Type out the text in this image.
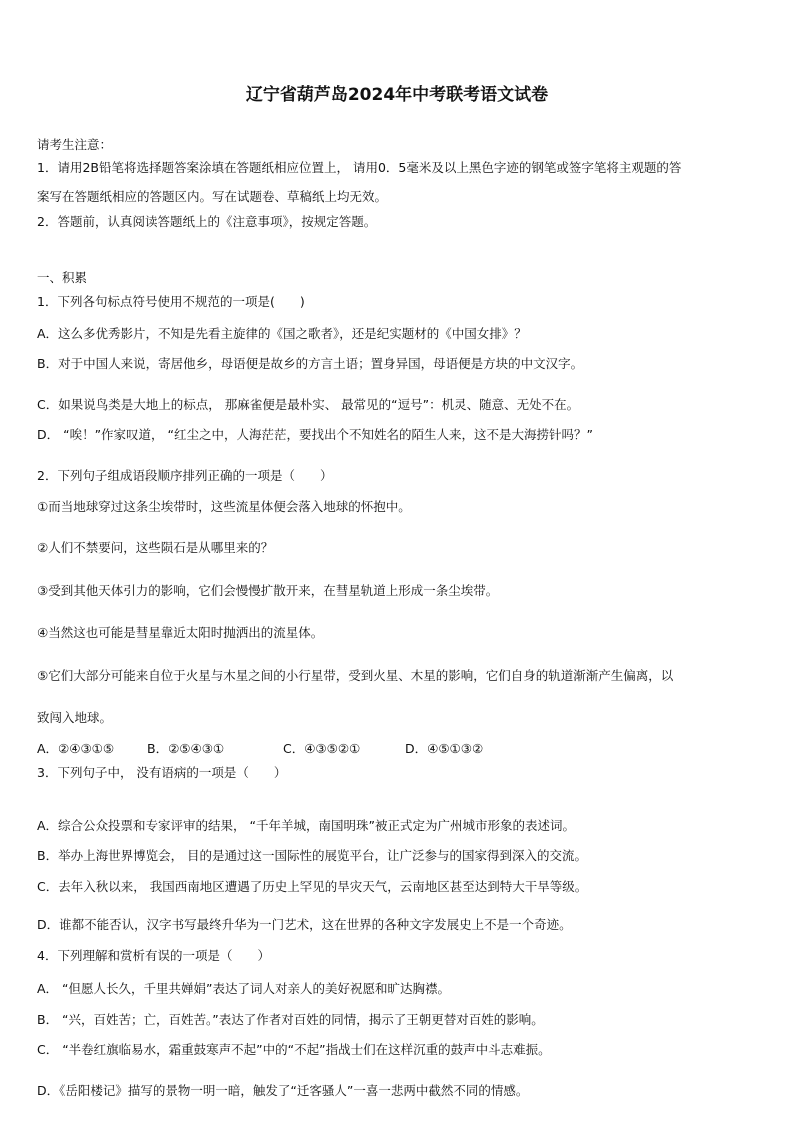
辽宁省葫芦岛2024年中考联考语文试卷
请考生注意：
1．请用2B铅笔将选择题答案涂填在答题纸相应位置上， 请用0．5毫米及以上黑色字迹的钢笔或签字笔将主观题的答
案写在答题纸相应的答题区内。写在试题卷、草稿纸上均无效。
2．答题前，认真阅读答题纸上的《注意事项》，按规定答题。
一、积累
1．下列各句标点符号使用不规范的一项是(　　)
A．这么多优秀影片，不知是先看主旋律的《国之歌者》，还是纪实题材的《中国女排》？
B．对于中国人来说，寄居他乡，母语便是故乡的方言土语；置身异国，母语便是方块的中文汉字。
C．如果说鸟类是大地上的标点， 那麻雀便是最朴实、 最常见的“逗号”：机灵、随意、无处不在。
D． “唉！”作家叹道， “红尘之中，人海茫茫，要找出个不知姓名的陌生人来，这不是大海捞针吗？”
2．下列句子组成语段顺序排列正确的一项是（　　）
①而当地球穿过这条尘埃带时，这些流星体便会落入地球的怀抱中。
②人们不禁要问，这些陨石是从哪里来的？
③受到其他天体引力的影响，它们会慢慢扩散开来，在彗星轨道上形成一条尘埃带。
④当然这也可能是彗星靠近太阳时抛洒出的流星体。
⑤它们大部分可能来自位于火星与木星之间的小行星带，受到火星、木星的影响，它们自身的轨道渐渐产生偏离，以
致闯入地球。
A．②④③①⑤	B．②⑤④③①	C．④③⑤②①	D．④⑤①③②
3．下列句子中， 没有语病的一项是（　　）
A．综合公众投票和专家评审的结果， “千年羊城，南国明珠”被正式定为广州城市形象的表述词。
B．举办上海世界博览会， 目的是通过这一国际性的展览平台，让广泛参与的国家得到深入的交流。
C．去年入秋以来， 我国西南地区遭遇了历史上罕见的旱灾天气，云南地区甚至达到特大干旱等级。
D．谁都不能否认，汉字书写最终升华为一门艺术，这在世界的各种文字发展史上不是一个奇迹。
4．下列理解和赏析有误的一项是（　　）
A． “但愿人长久，千里共婵娟”表达了词人对亲人的美好祝愿和旷达胸襟。
B． “兴，百姓苦；亡，百姓苦。”表达了作者对百姓的同情，揭示了王朝更替对百姓的影响。
C． “半卷红旗临易水，霜重鼓寒声不起”中的“不起”指战士们在这样沉重的鼓声中斗志难振。
D．《岳阳楼记》描写的景物一明一暗，触发了“迁客骚人”一喜一悲两中截然不同的情感。
